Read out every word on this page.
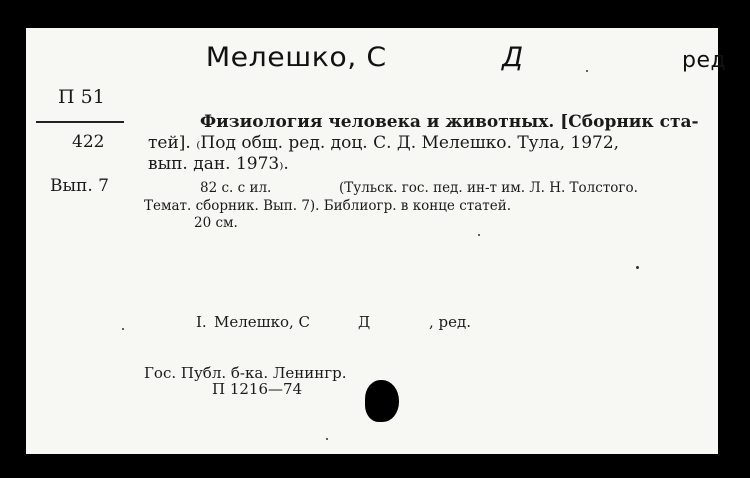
Мелешко, С	Д	ред
П 51
422
Вып. 7
Физиология человека и животных. [Сборник ста-
тей]. ₍Под общ. ред. доц. С. Д. Мелешко. Тула, 1972,
вып. дан. 1973₎.
82 с. с ил.	(Тульск. гос. пед. ин-т им. Л. Н. Толстого.
Темат. сборник. Вып. 7). Библиогр. в конце статей.
20 см.
I. Мелешко, С	Д	, ред.
Гос. Публ. б-ка. Ленингр.
П 1216—74
